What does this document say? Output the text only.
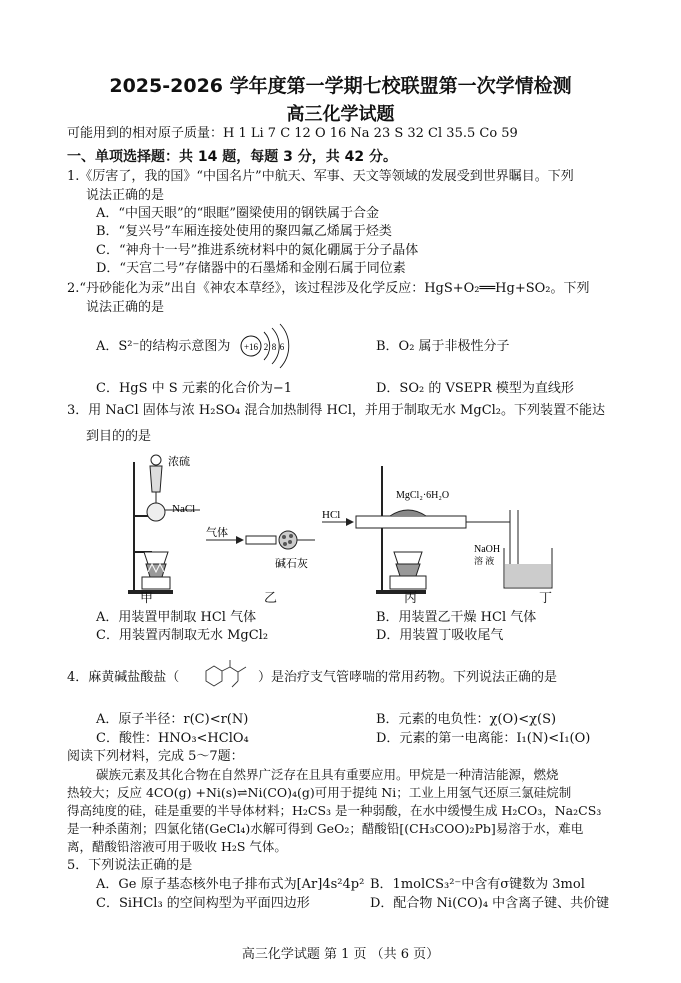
2025-2026 学年度第一学期七校联盟第一次学情检测
高三化学试题
可能用到的相对原子质量：H 1 Li 7 C 12 O 16 Na 23 S 32 Cl 35.5 Co 59
一、单项选择题：共 14 题，每题 3 分，共 42 分。
1.《厉害了，我的国》“中国名片”中航天、军事、天文等领域的发展受到世界瞩目。下列
说法正确的是
A．“中国天眼”的“眼眶”圈梁使用的钢铁属于合金
B．“复兴号”车厢连接处使用的聚四氟乙烯属于烃类
C．“神舟十一号”推进系统材料中的氮化硼属于分子晶体
D．“天宫二号”存储器中的石墨烯和金刚石属于同位素
2.“丹砂能化为汞”出自《神农本草经》，该过程涉及化学反应：HgS+O₂══Hg+SO₂。下列
说法正确的是
A．S²⁻的结构示意图为 +16 2 8 6	B．O₂ 属于非极性分子
C．HgS 中 S 元素的化合价为−1	D．SO₂ 的 VSEPR 模型为直线形
3．用 NaCl 固体与浓 H₂SO₄ 混合加热制得 HCl，并用于制取无水 MgCl₂。下列装置不能达
到目的的是
浓硫
NaCl
气体
碱石灰
HCl
MgCl₂·6H₂O
NaOH
溶 液
甲	乙	丙	丁
A．用装置甲制取 HCl 气体	B．用装置乙干燥 HCl 气体
C．用装置丙制取无水 MgCl₂	D．用装置丁吸收尾气
4．麻黄碱盐酸盐（	）是治疗支气管哮喘的常用药物。下列说法正确的是
A．原子半径：r(C)<r(N)	B．元素的电负性：χ(O)<χ(S)
C．酸性：HNO₃<HClO₄	D．元素的第一电离能：I₁(N)<I₁(O)
阅读下列材料，完成 5～7题：
碳族元素及其化合物在自然界广泛存在且具有重要应用。甲烷是一种清洁能源，燃烧
热较大；反应 4CO(g) +Ni(s)⇌Ni(CO)₄(g)可用于提纯 Ni；工业上用氢气还原三氯硅烷制
得高纯度的硅，硅是重要的半导体材料；H₂CS₃ 是一种弱酸，在水中缓慢生成 H₂CO₃，Na₂CS₃
是一种杀菌剂；四氯化锗(GeCl₄)水解可得到 GeO₂；醋酸铅[(CH₃COO)₂Pb]易溶于水，难电
离，醋酸铅溶液可用于吸收 H₂S 气体。
5．下列说法正确的是
A．Ge 原子基态核外电子排布式为[Ar]4s²4p² B．1molCS₃²⁻中含有σ键数为 3mol
C．SiHCl₃ 的空间构型为平面四边形	D．配合物 Ni(CO)₄ 中含离子键、共价键
高三化学试题 第 1 页 （共 6 页）
